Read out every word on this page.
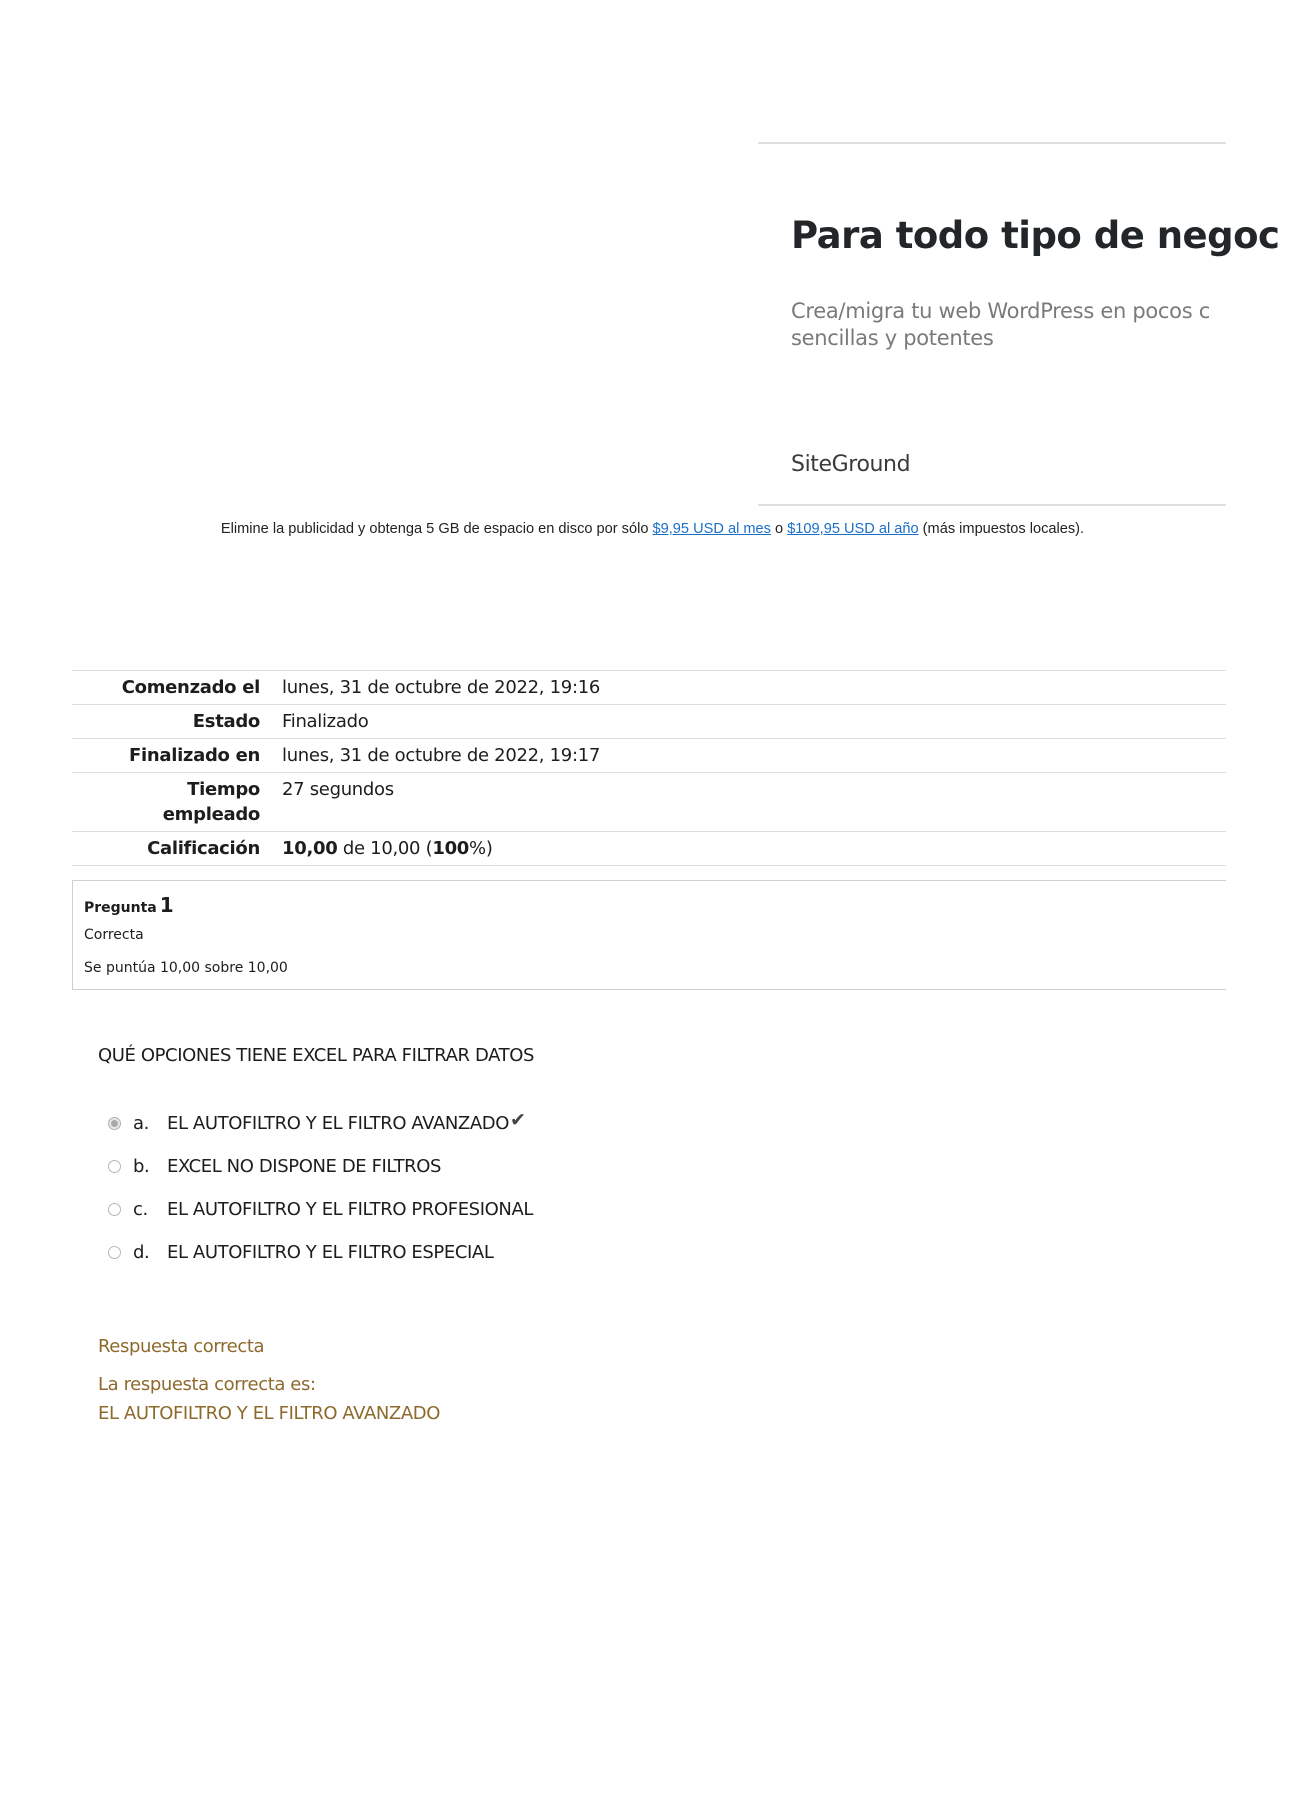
Para todo tipo de negoc

Crea/migra tu web WordPress en pocos c
sencillas y potentes

SiteGround
Elimine la publicidad y obtenga 5 GB de espacio en disco por sólo $9,95 USD al mes o $109,95 USD al año (más impuestos locales).
Comenzado el	lunes, 31 de octubre de 2022, 19:16
Estado	Finalizado
Finalizado en	lunes, 31 de octubre de 2022, 19:17
Tiempo
empleado	27 segundos
Calificación	10,00 de 10,00 (100%)
Pregunta 1
Correcta
Se puntúa 10,00 sobre 10,00
QUÉ OPCIONES TIENE EXCEL PARA FILTRAR DATOS
a.	EL AUTOFILTRO Y EL FILTRO AVANZADO ✔
b. EXCEL NO DISPONE DE FILTROS
c.	EL AUTOFILTRO Y EL FILTRO PROFESIONAL
d. EL AUTOFILTRO Y EL FILTRO ESPECIAL
Respuesta correcta
La respuesta correcta es:
EL AUTOFILTRO Y EL FILTRO AVANZADO
